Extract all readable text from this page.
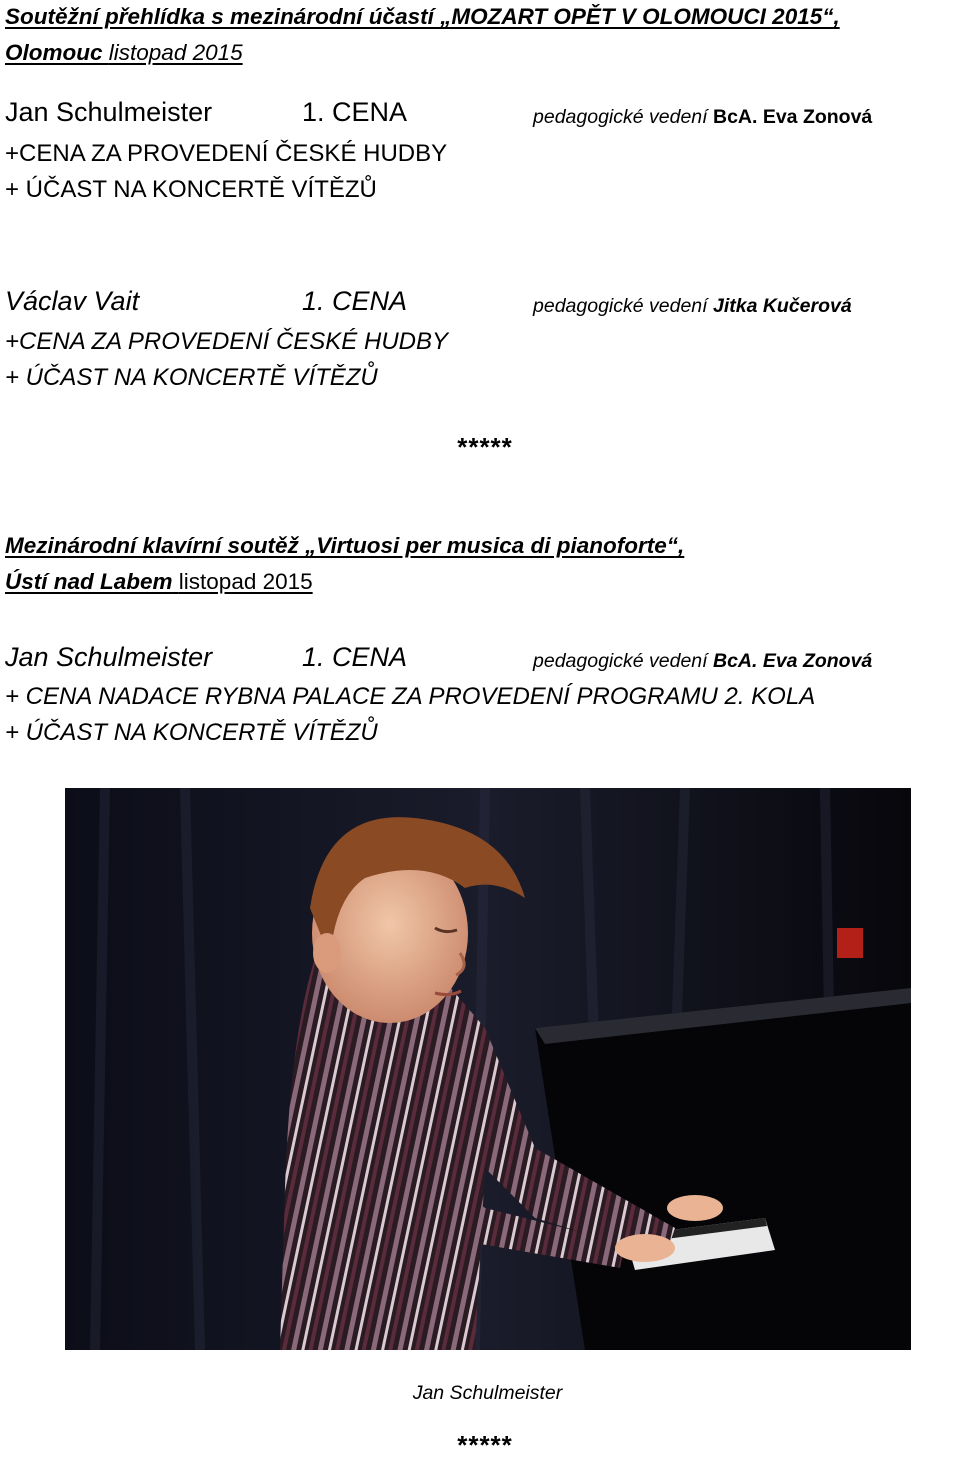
Soutěžní přehlídka s mezinárodní účastí „MOZART OPĚT V OLOMOUCI 2015“,
Olomouc listopad 2015
Jan Schulmeister	1. CENA	pedagogické vedení BcA. Eva Zonová
+CENA ZA PROVEDENÍ ČESKÉ HUDBY
+ ÚČAST NA KONCERTĚ VÍTĚZŮ
Václav Vait	1. CENA	pedagogické vedení Jitka Kučerová
+CENA ZA PROVEDENÍ ČESKÉ HUDBY
+ ÚČAST NA KONCERTĚ VÍTĚZŮ
*****
Mezinárodní klavírní soutěž „Virtuosi per musica di pianoforte“,
Ústí nad Labem listopad 2015
Jan Schulmeister	1. CENA	pedagogické vedení BcA. Eva Zonová
+ CENA NADACE RYBNA PALACE ZA PROVEDENÍ PROGRAMU 2. KOLA
+ ÚČAST NA KONCERTĚ VÍTĚZŮ
Jan Schulmeister
*****
